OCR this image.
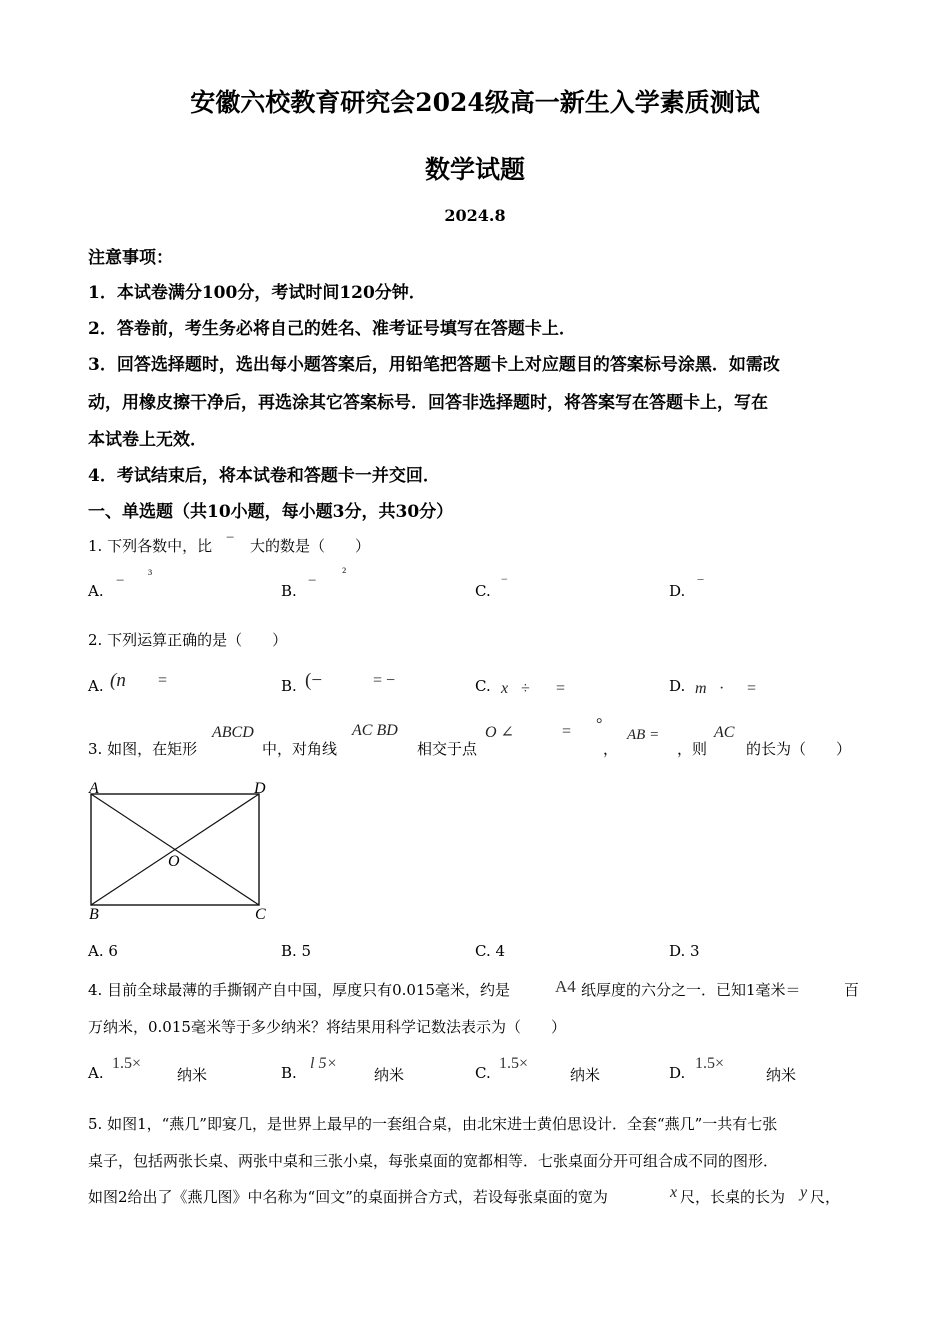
安徽六校教育研究会2024级高一新生入学素质测试
数学试题
2024.8
注意事项：
1．本试卷满分100分，考试时间120分钟．
2．答卷前，考生务必将自己的姓名、准考证号填写在答题卡上．
3．回答选择题时，选出每小题答案后，用铅笔把答题卡上对应题目的答案标号涂黑．如需改
动，用橡皮擦干净后，再选涂其它答案标号．回答非选择题时，将答案写在答题卡上，写在
本试卷上无效．
4．考试结束后，将本试卷和答题卡一并交回．
一、单选题（共10小题，每小题3分，共30分）
1. 下列各数中，比 − 大的数是（　　）
A.
− ³
B.
− ²
C.
−
D.
−
2. 下列运算正确的是（　　）
A. (n =	B. (−	= −	C. x ÷ =	D. m · =
3. 如图，在矩形
ABCD
中，对角线
AC BD
相交于点
O ∠	= °
，
AB =
，则
AC
的长为（　　）
A	D
B	C
O
A. 6	B. 5	C. 4	D. 3
4. 目前全球最薄的手撕钢产自中国，厚度只有0.015毫米，约是	A4 纸厚度的六分之一．已知1毫米＝	百
万纳米，0.015毫米等于多少纳米？将结果用科学记数法表示为（　　）
A.
1.5×
纳米	B.
l 5×
纳米	C.
1.5×
纳米	D.
1.5×
纳米
5. 如图1，“燕几”即宴几，是世界上最早的一套组合桌，由北宋进士黄伯思设计．全套“燕几”一共有七张
桌子，包括两张长桌、两张中桌和三张小桌，每张桌面的宽都相等．七张桌面分开可组合成不同的图形．
如图2给出了《燕几图》中名称为“回文”的桌面拼合方式，若设每张桌面的宽为	x 尺，长桌的长为 y 尺，
